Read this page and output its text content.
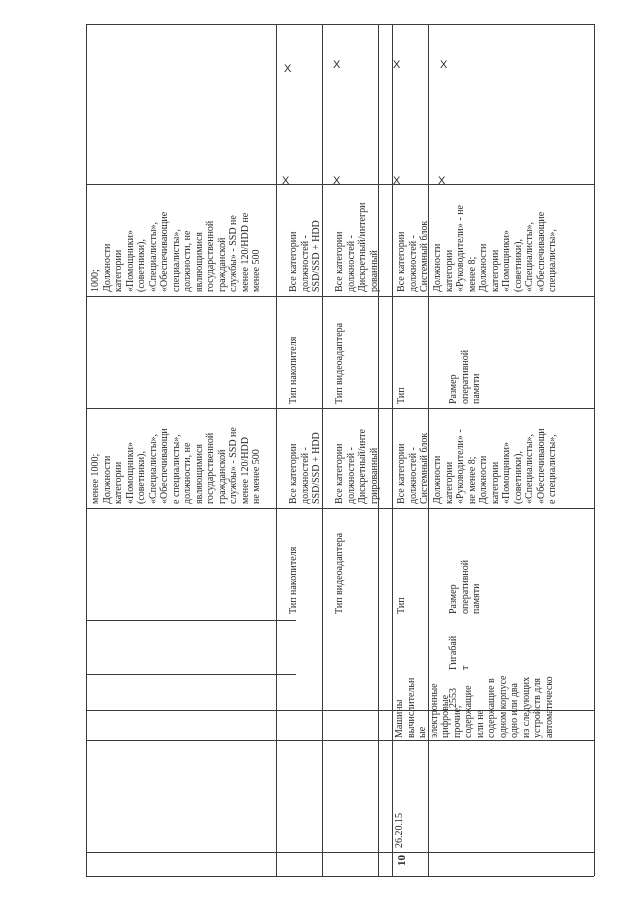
10
26.20.15
Машины вычислительн ые электронные цифровые прочие, содержащие или не содержащие в одном корпусе одно или два из следующих устройств для автоматическо
2553
Гигабай т
менее 1000; Должности категории «Помощники» (советники), «Специалисты», «Обеспечивающи е специалисты», должности, не являющимися государственной гражданской службы» - SSD не менее 120/HDD не менее 500
1000; Должности категории «Помощники» (советники), «Специалисты», «Обеспечивающие специалисты», должности, не являющимися государственной гражданской службы» - SSD не менее 120/HDD не менее 500
Тип накопителя
Все категории должностей - SSD/SSD + HDD
Тип накопителя
Все категории должностей - SSD/SSD + HDD
X
X
Тип видеоадаптера
Все категории должностей - Дискретный/инте грированный
Тип видеоадаптера
Все категории должностей - Дискретный/интегри рованный
X
X
Тип
Все категории должностей - Системный блок
Тип
Все категории должностей - Системный блок
X
X
Размер оперативной памяти
Должности категории «Руководители» - не менее 8; Должности категории «Помощники» (советники), «Специалисты», «Обеспечивающи е специалисты»,
Размер оперативной памяти
Должности категории «Руководители» - не менее 8; Должности категории «Помощники» (советники), «Специалисты», «Обеспечивающие специалисты»,
X
X
